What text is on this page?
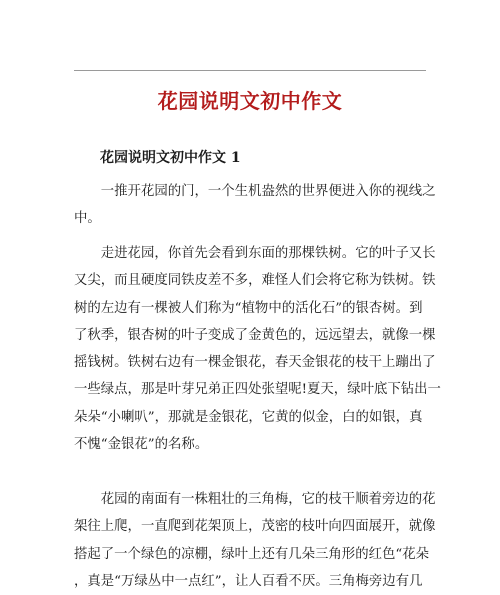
花园说明文初中作文
花园说明文初中作文 1
　　一推开花园的门，一个生机盎然的世界便进入你的视线之
中。
　　走进花园，你首先会看到东面的那棵铁树。它的叶子又长
又尖，而且硬度同铁皮差不多，难怪人们会将它称为铁树。铁
树的左边有一棵被人们称为“植物中的活化石”的银杏树。到
了秋季，银杏树的叶子变成了金黄色的，远远望去，就像一棵
摇钱树。铁树右边有一棵金银花，春天金银花的枝干上蹦出了
一些绿点，那是叶芽兄弟正四处张望呢!夏天，绿叶底下钻出一
朵朵“小喇叭”，那就是金银花，它黄的似金，白的如银，真
不愧“金银花”的名称。
　　花园的南面有一株粗壮的三角梅，它的枝干顺着旁边的花
架往上爬，一直爬到花架顶上，茂密的枝叶向四面展开，就像
搭起了一个绿色的凉棚，绿叶上还有几朵三角形的红色“花朵
，真是“万绿丛中一点红”，让人百看不厌。三角梅旁边有几
